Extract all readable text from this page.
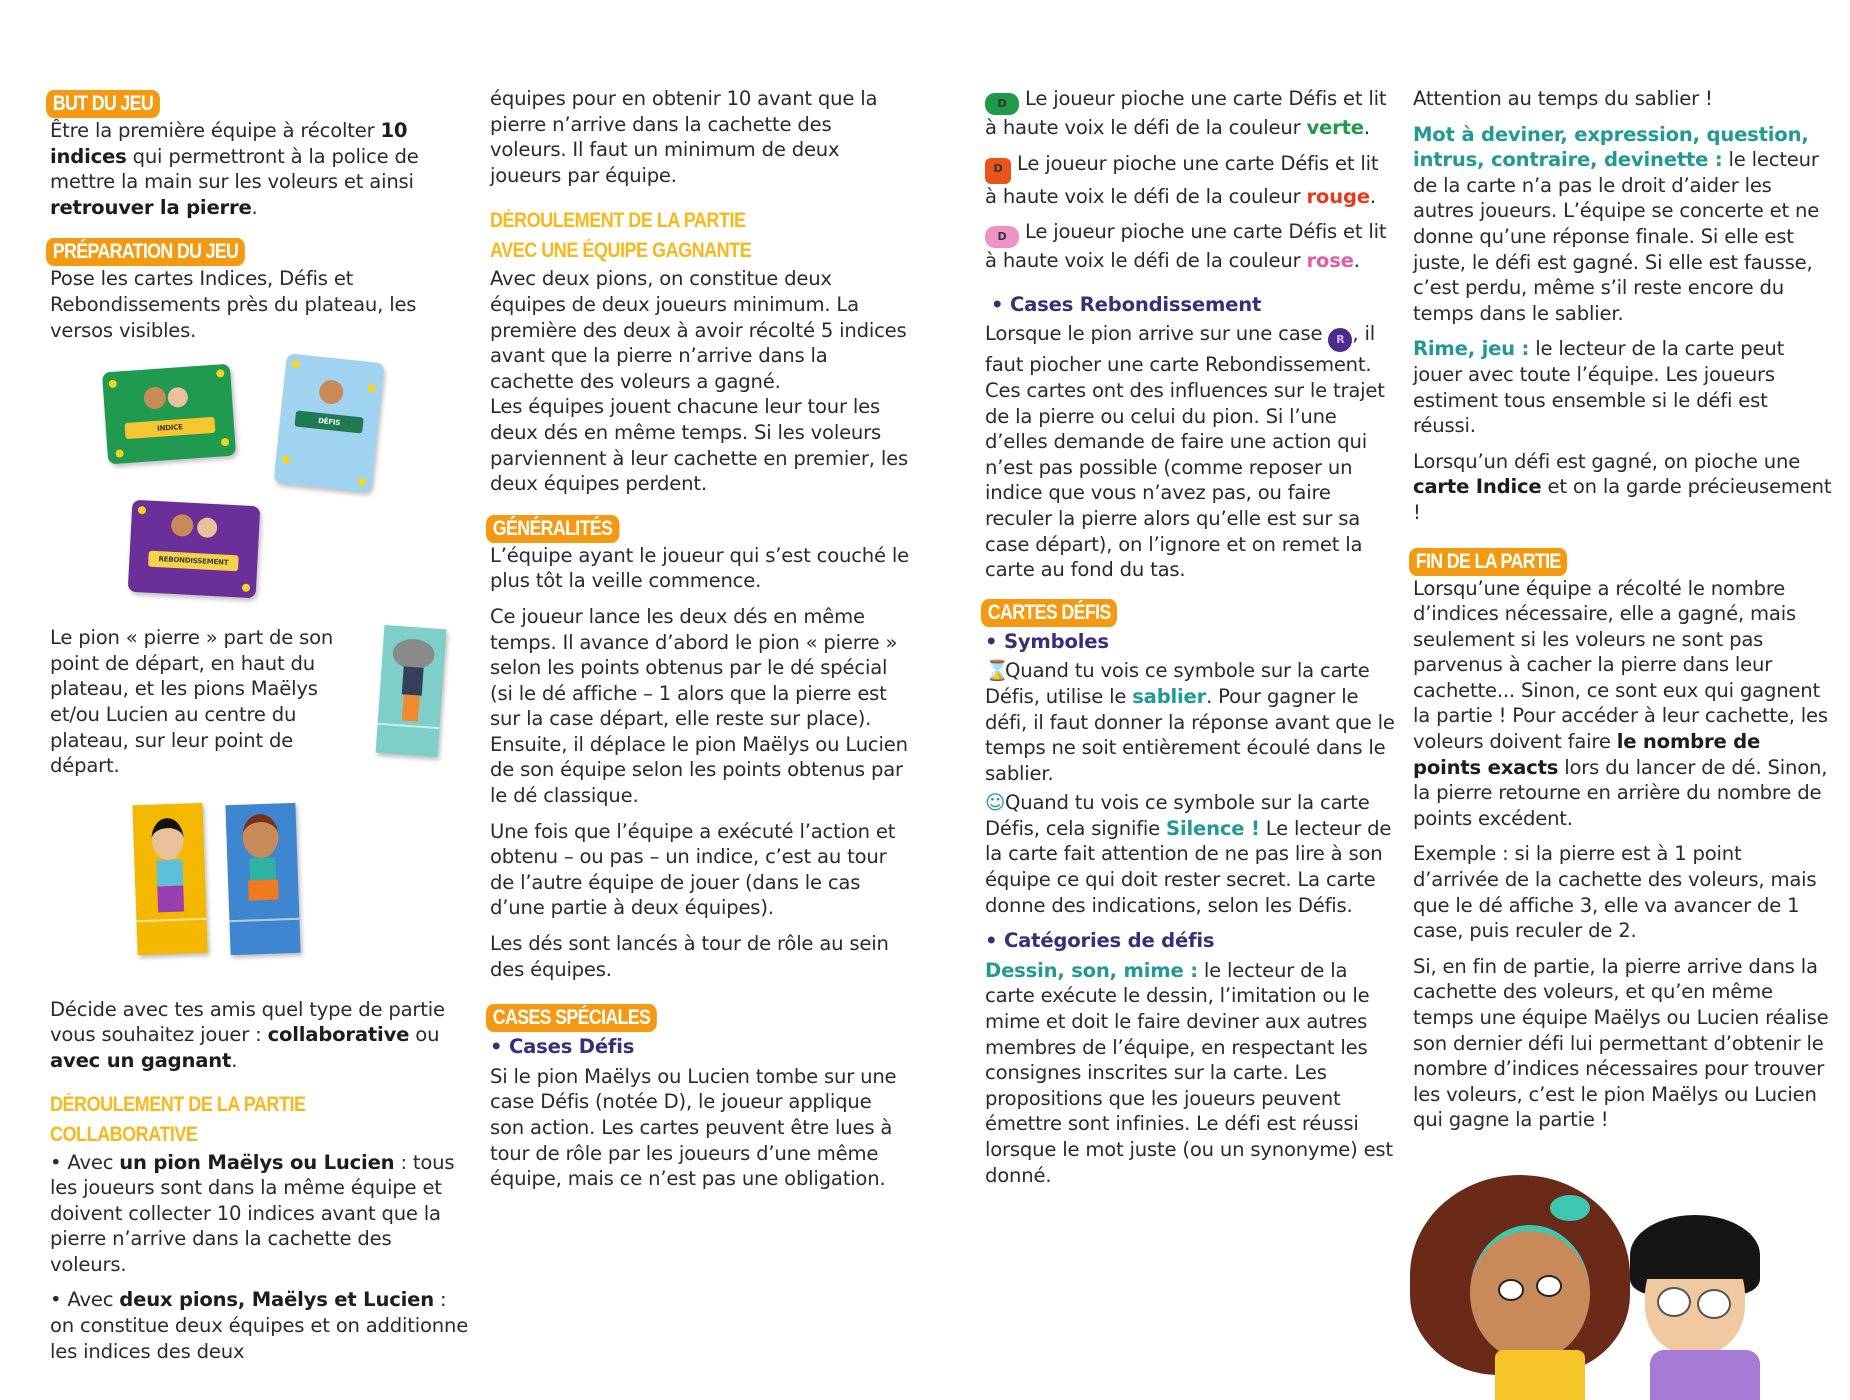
BUT DU JEU

Être la première équipe à récolter 10 indices qui permettront à la police de mettre la main sur les voleurs et ainsi retrouver la pierre.

PRÉPARATION DU JEU

Pose les cartes Indices, Défis et Rebondissements près du plateau, les versos visibles.

INDICE
DÉFIS
REBONDISSEMENT

Le pion « pierre » part de son point de départ, en haut du plateau, et les pions Maëlys et/ou Lucien au centre du plateau, sur leur point de départ.

Décide avec tes amis quel type de partie vous souhaitez jouer : collaborative ou avec un gagnant.

DÉROULEMENT DE LA PARTIE
COLLABORATIVE

• Avec un pion Maëlys ou Lucien : tous les joueurs sont dans la même équipe et doivent collecter 10 indices avant que la pierre n’arrive dans la cachette des voleurs.

• Avec deux pions, Maëlys et Lucien : on constitue deux équipes et on additionne les indices des deux

équipes pour en obtenir 10 avant que la pierre n’arrive dans la cachette des voleurs. Il faut un minimum de deux joueurs par équipe.

DÉROULEMENT DE LA PARTIE
AVEC UNE ÉQUIPE GAGNANTE

Avec deux pions, on constitue deux équipes de deux joueurs minimum. La première des deux à avoir récolté 5 indices avant que la pierre n’arrive dans la cachette des voleurs a gagné.

Les équipes jouent chacune leur tour les deux dés en même temps. Si les voleurs parviennent à leur cachette en premier, les deux équipes perdent.

GÉNÉRALITÉS

L’équipe ayant le joueur qui s’est couché le plus tôt la veille commence.

Ce joueur lance les deux dés en même temps. Il avance d’abord le pion « pierre » selon les points obtenus par le dé spécial (si le dé affiche – 1 alors que la pierre est sur la case départ, elle reste sur place). Ensuite, il déplace le pion Maëlys ou Lucien de son équipe selon les points obtenus par le dé classique.

Une fois que l’équipe a exécuté l’action et obtenu – ou pas – un indice, c’est au tour de l’autre équipe de jouer (dans le cas d’une partie à deux équipes).

Les dés sont lancés à tour de rôle au sein des équipes.

CASES SPÉCIALES
• Cases Défis

Si le pion Maëlys ou Lucien tombe sur une case Défis (notée D), le joueur applique son action. Les cartes peuvent être lues à tour de rôle par les joueurs d’une même équipe, mais ce n’est pas une obligation.

D Le joueur pioche une carte Défis et lit à haute voix le défi de la couleur verte.

D Le joueur pioche une carte Défis et lit à haute voix le défi de la couleur rouge.

D Le joueur pioche une carte Défis et lit à haute voix le défi de la couleur rose.

• Cases Rebondissement

Lorsque le pion arrive sur une case R , il faut piocher une carte Rebondissement. Ces cartes ont des influences sur le trajet de la pierre ou celui du pion. Si l’une d’elles demande de faire une action qui n’est pas possible (comme reposer un indice que vous n’avez pas, ou faire reculer la pierre alors qu’elle est sur sa case départ), on l’ignore et on remet la carte au fond du tas.

CARTES DÉFIS
• Symboles

⌛Quand tu vois ce symbole sur la carte Défis, utilise le sablier. Pour gagner le défi, il faut donner la réponse avant que le temps ne soit entièrement écoulé dans le sablier.

☺Quand tu vois ce symbole sur la carte Défis, cela signifie Silence ! Le lecteur de la carte fait attention de ne pas lire à son équipe ce qui doit rester secret. La carte donne des indications, selon les Défis.

• Catégories de défis

Dessin, son, mime : le lecteur de la carte exécute le dessin, l’imitation ou le mime et doit le faire deviner aux autres membres de l’équipe, en respectant les consignes inscrites sur la carte. Les propositions que les joueurs peuvent émettre sont infinies. Le défi est réussi lorsque le mot juste (ou un synonyme) est donné.

Attention au temps du sablier !

Mot à deviner, expression, question, intrus, contraire, devinette : le lecteur de la carte n’a pas le droit d’aider les autres joueurs. L’équipe se concerte et ne donne qu’une réponse finale. Si elle est juste, le défi est gagné. Si elle est fausse, c’est perdu, même s’il reste encore du temps dans le sablier.

Rime, jeu : le lecteur de la carte peut jouer avec toute l’équipe. Les joueurs estiment tous ensemble si le défi est réussi.

Lorsqu’un défi est gagné, on pioche une carte Indice et on la garde précieusement !

FIN DE LA PARTIE

Lorsqu’une équipe a récolté le nombre d’indices nécessaire, elle a gagné, mais seulement si les voleurs ne sont pas parvenus à cacher la pierre dans leur cachette... Sinon, ce sont eux qui gagnent la partie ! Pour accéder à leur cachette, les voleurs doivent faire le nombre de points exacts lors du lancer de dé. Sinon, la pierre retourne en arrière du nombre de points excédent.

Exemple : si la pierre est à 1 point d’arrivée de la cachette des voleurs, mais que le dé affiche 3, elle va avancer de 1 case, puis reculer de 2.

Si, en fin de partie, la pierre arrive dans la cachette des voleurs, et qu’en même temps une équipe Maëlys ou Lucien réalise son dernier défi lui permettant d’obtenir le nombre d’indices nécessaires pour trouver les voleurs, c’est le pion Maëlys ou Lucien qui gagne la partie !
